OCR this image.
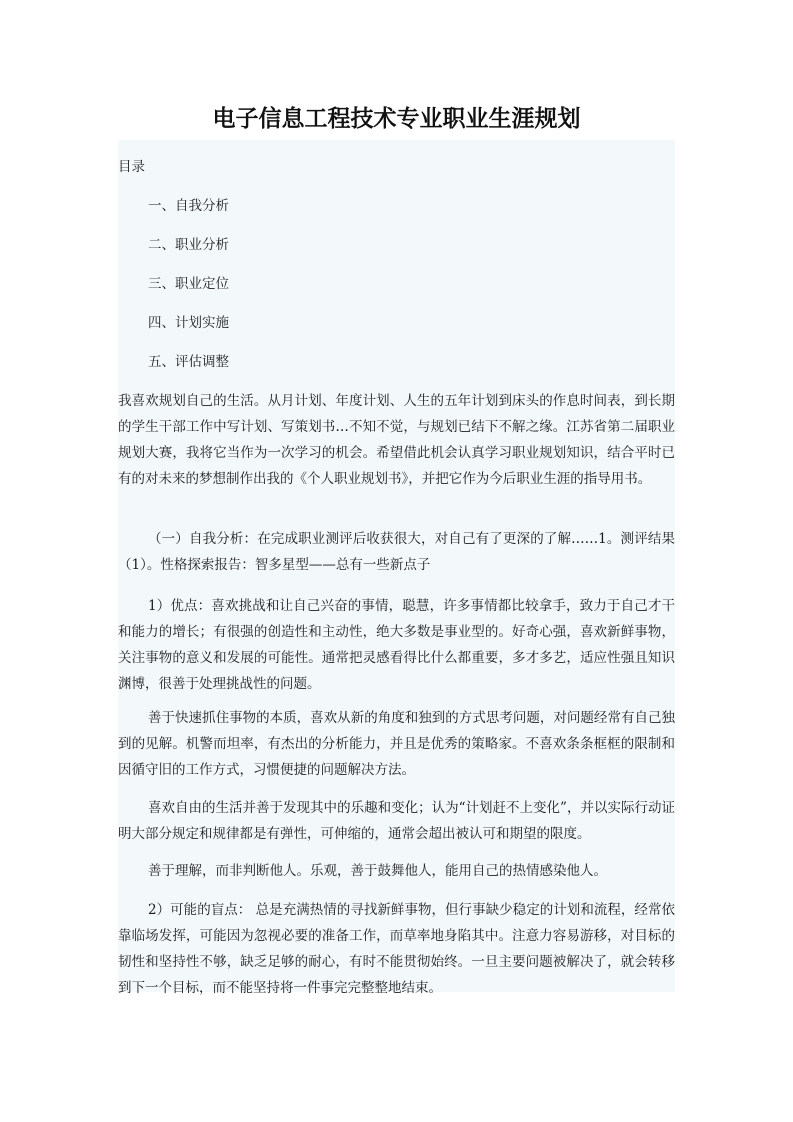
电子信息工程技术专业职业生涯规划

目录

一、自我分析

二、职业分析

三、职业定位

四、计划实施

五、评估调整

我喜欢规划自己的生活。从月计划、年度计划、人生的五年计划到床头的作息时间表，到长期的学生干部工作中写计划、写策划书…不知不觉，与规划已结下不解之缘。江苏省第二届职业规划大赛，我将它当作为一次学习的机会。希望借此机会认真学习职业规划知识，结合平时已有的对未来的梦想制作出我的《个人职业规划书》，并把它作为今后职业生涯的指导用书。

（一）自我分析：在完成职业测评后收获很大，对自己有了更深的了解……1。测评结果（1）。性格探索报告：智多星型——总有一些新点子

1）优点：喜欢挑战和让自己兴奋的事情，聪慧，许多事情都比较拿手，致力于自己才干和能力的增长；有很强的创造性和主动性，绝大多数是事业型的。好奇心强，喜欢新鲜事物，关注事物的意义和发展的可能性。通常把灵感看得比什么都重要，多才多艺，适应性强且知识渊博，很善于处理挑战性的问题。

善于快速抓住事物的本质，喜欢从新的角度和独到的方式思考问题，对问题经常有自己独到的见解。机警而坦率，有杰出的分析能力，并且是优秀的策略家。不喜欢条条框框的限制和因循守旧的工作方式，习惯便捷的问题解决方法。

喜欢自由的生活并善于发现其中的乐趣和变化；认为“计划赶不上变化”，并以实际行动证明大部分规定和规律都是有弹性，可伸缩的，通常会超出被认可和期望的限度。

善于理解，而非判断他人。乐观，善于鼓舞他人，能用自己的热情感染他人。

2）可能的盲点： 总是充满热情的寻找新鲜事物，但行事缺少稳定的计划和流程，经常依靠临场发挥，可能因为忽视必要的准备工作，而草率地身陷其中。注意力容易游移，对目标的韧性和坚持性不够，缺乏足够的耐心，有时不能贯彻始终。一旦主要问题被解决了，就会转移到下一个目标，而不能坚持将一件事完完整整地结束。
